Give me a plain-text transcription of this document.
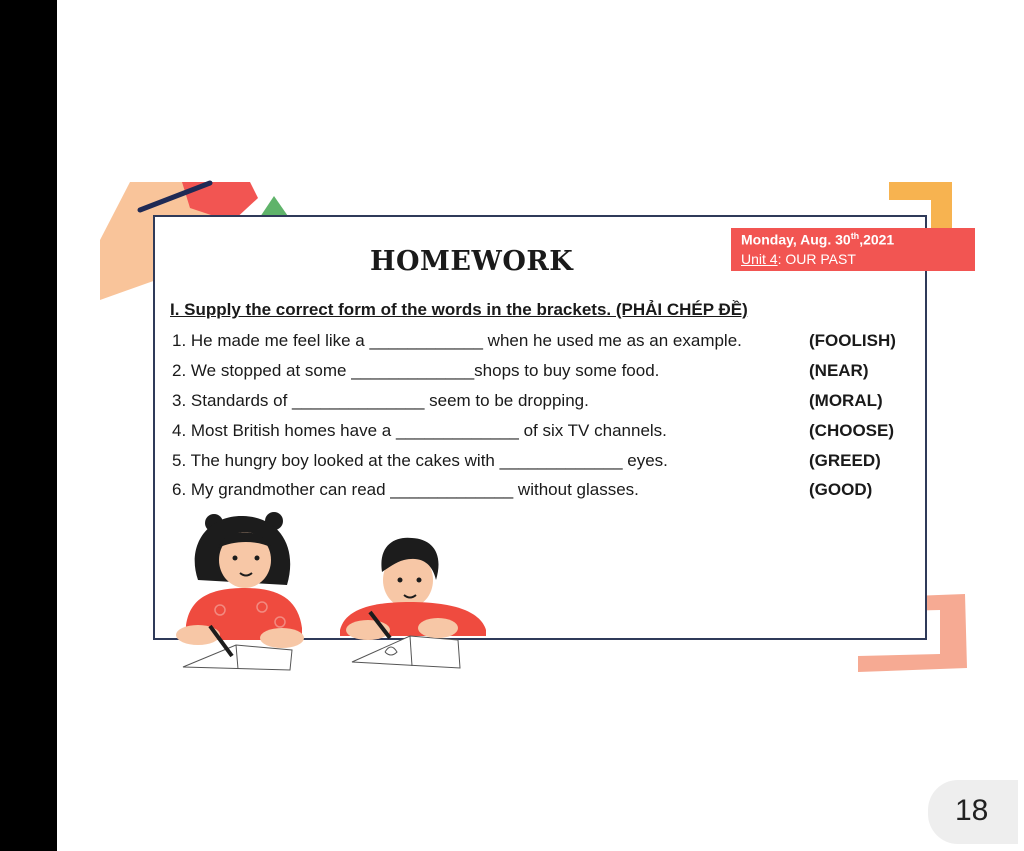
HOMEWORK
Monday, Aug. 30th,2021
Unit 4: OUR PAST
I. Supply the correct form of the words in the brackets. (PHẢI CHÉP ĐỀ)
1. He made me feel like a ____________ when he used me as an example.	(FOOLISH)
2. We stopped at some _____________shops to buy some food.	(NEAR)
3. Standards of ______________ seem to be dropping.	(MORAL)
4. Most British homes have a _____________ of six TV channels.	(CHOOSE)
5. The hungry boy looked at the cakes with _____________ eyes.	(GREED)
6. My grandmother can read _____________ without glasses.	(GOOD)
18
